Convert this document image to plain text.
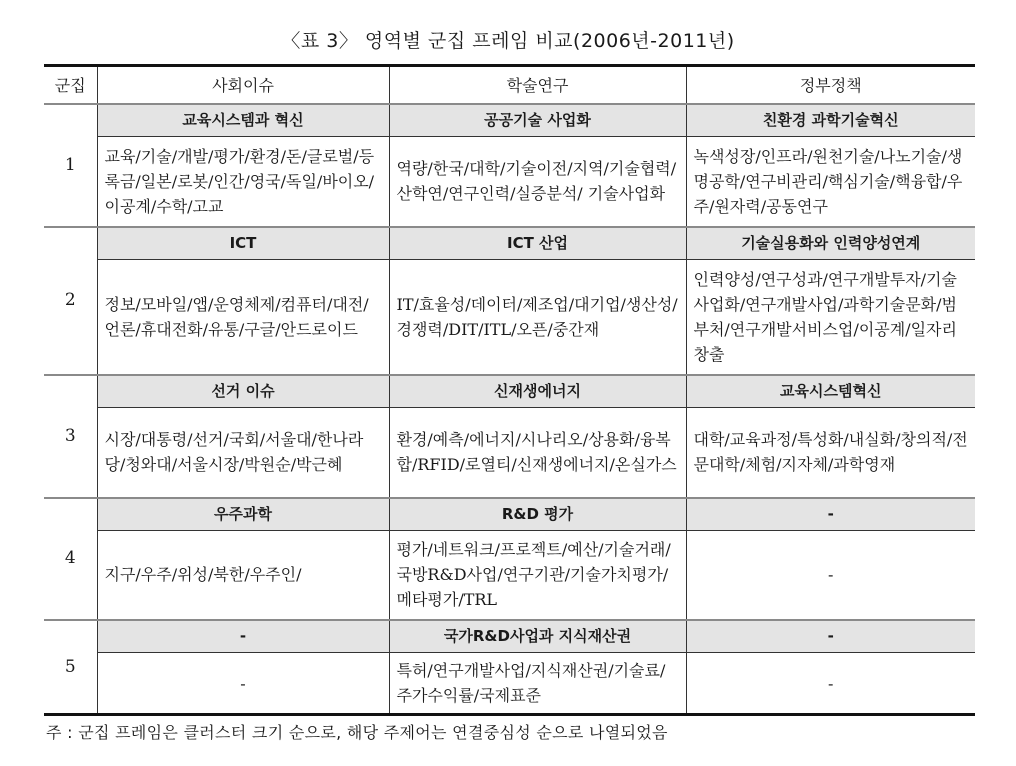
〈표 3〉 영역별 군집 프레임 비교(2006년-2011년)
군집	사회이슈	학술연구	정부정책
1	교육시스템과 혁신	공공기술 사업화	친환경 과학기술혁신
	교육/기술/개발/평가/환경/돈/글로벌/등록금/일본/로봇/인간/영국/독일/바이오/이공계/수학/고교	역량/한국/대학/기술이전/지역/기술협력/산학연/연구인력/실증분석/ 기술사업화	녹색성장/인프라/원천기술/나노기술/생명공학/연구비관리/핵심기술/핵융합/우주/원자력/공동연구
2	ICT	ICT 산업	기술실용화와 인력양성연계
	정보/모바일/앱/운영체제/컴퓨터/대전/언론/휴대전화/유통/구글/안드로이드	IT/효율성/데이터/제조업/대기업/생산성/경쟁력/DIT/ITL/오픈/중간재	인력양성/연구성과/연구개발투자/기술사업화/연구개발사업/과학기술문화/범부처/연구개발서비스업/이공계/일자리창출
3	선거 이슈	신재생에너지	교육시스템혁신
	시장/대통령/선거/국회/서울대/한나라당/청와대/서울시장/박원순/박근혜	환경/예측/에너지/시나리오/상용화/융복합/RFID/로열티/신재생에너지/온실가스	대학/교육과정/특성화/내실화/창의적/전문대학/체험/지자체/과학영재
4	우주과학	R&D 평가	-
	지구/우주/위성/북한/우주인/	평가/네트워크/프로젝트/예산/기술거래/국방R&D사업/연구기관/기술가치평가/메타평가/TRL	-
5	-	국가R&D사업과 지식재산권	-
	-	특허/연구개발사업/지식재산권/기술료/주가수익률/국제표준	-
주 : 군집 프레임은 클러스터 크기 순으로, 해당 주제어는 연결중심성 순으로 나열되었음
